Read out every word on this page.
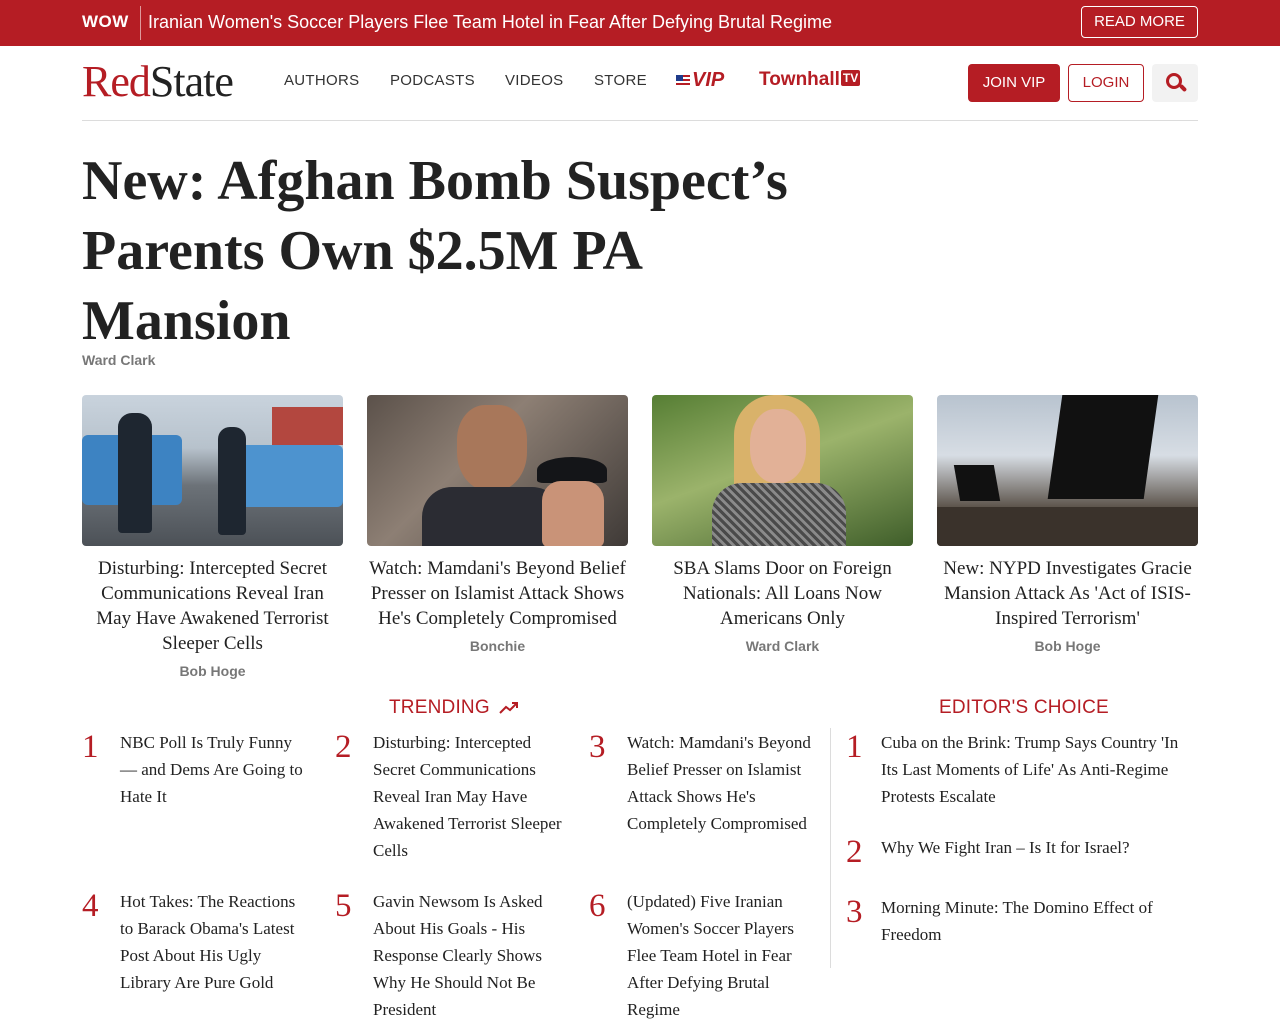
WOW Iranian Women's Soccer Players Flee Team Hotel in Fear After Defying Brutal Regime	READ MORE
RedState	AUTHORS PODCASTS VIDEOS STORE	VIP Townhall TV	JOIN VIP	LOGIN
New: Afghan Bomb Suspect’s Parents Own $2.5M PA Mansion
Ward Clark
Disturbing: Intercepted Secret Communications Reveal Iran May Have Awakened Terrorist Sleeper Cells
Bob Hoge
Watch: Mamdani's Beyond Belief Presser on Islamist Attack Shows He's Completely Compromised
Bonchie
SBA Slams Door on Foreign Nationals: All Loans Now Americans Only
Ward Clark
New: NYPD Investigates Gracie Mansion Attack As 'Act of ISIS-Inspired Terrorism'
Bob Hoge
TRENDING	EDITOR'S CHOICE
1 NBC Poll Is Truly Funny — and Dems Are Going to Hate It
2 Disturbing: Intercepted Secret Communications Reveal Iran May Have Awakened Terrorist Sleeper Cells
3 Watch: Mamdani's Beyond Belief Presser on Islamist Attack Shows He's Completely Compromised
4 Hot Takes: The Reactions to Barack Obama's Latest Post About His Ugly Library Are Pure Gold
5 Gavin Newsom Is Asked About His Goals - His Response Clearly Shows Why He Should Not Be President
6 (Updated) Five Iranian Women's Soccer Players Flee Team Hotel in Fear After Defying Brutal Regime
1 Cuba on the Brink: Trump Says Country 'In Its Last Moments of Life' As Anti-Regime Protests Escalate
2 Why We Fight Iran – Is It for Israel?
3 Morning Minute: The Domino Effect of Freedom
